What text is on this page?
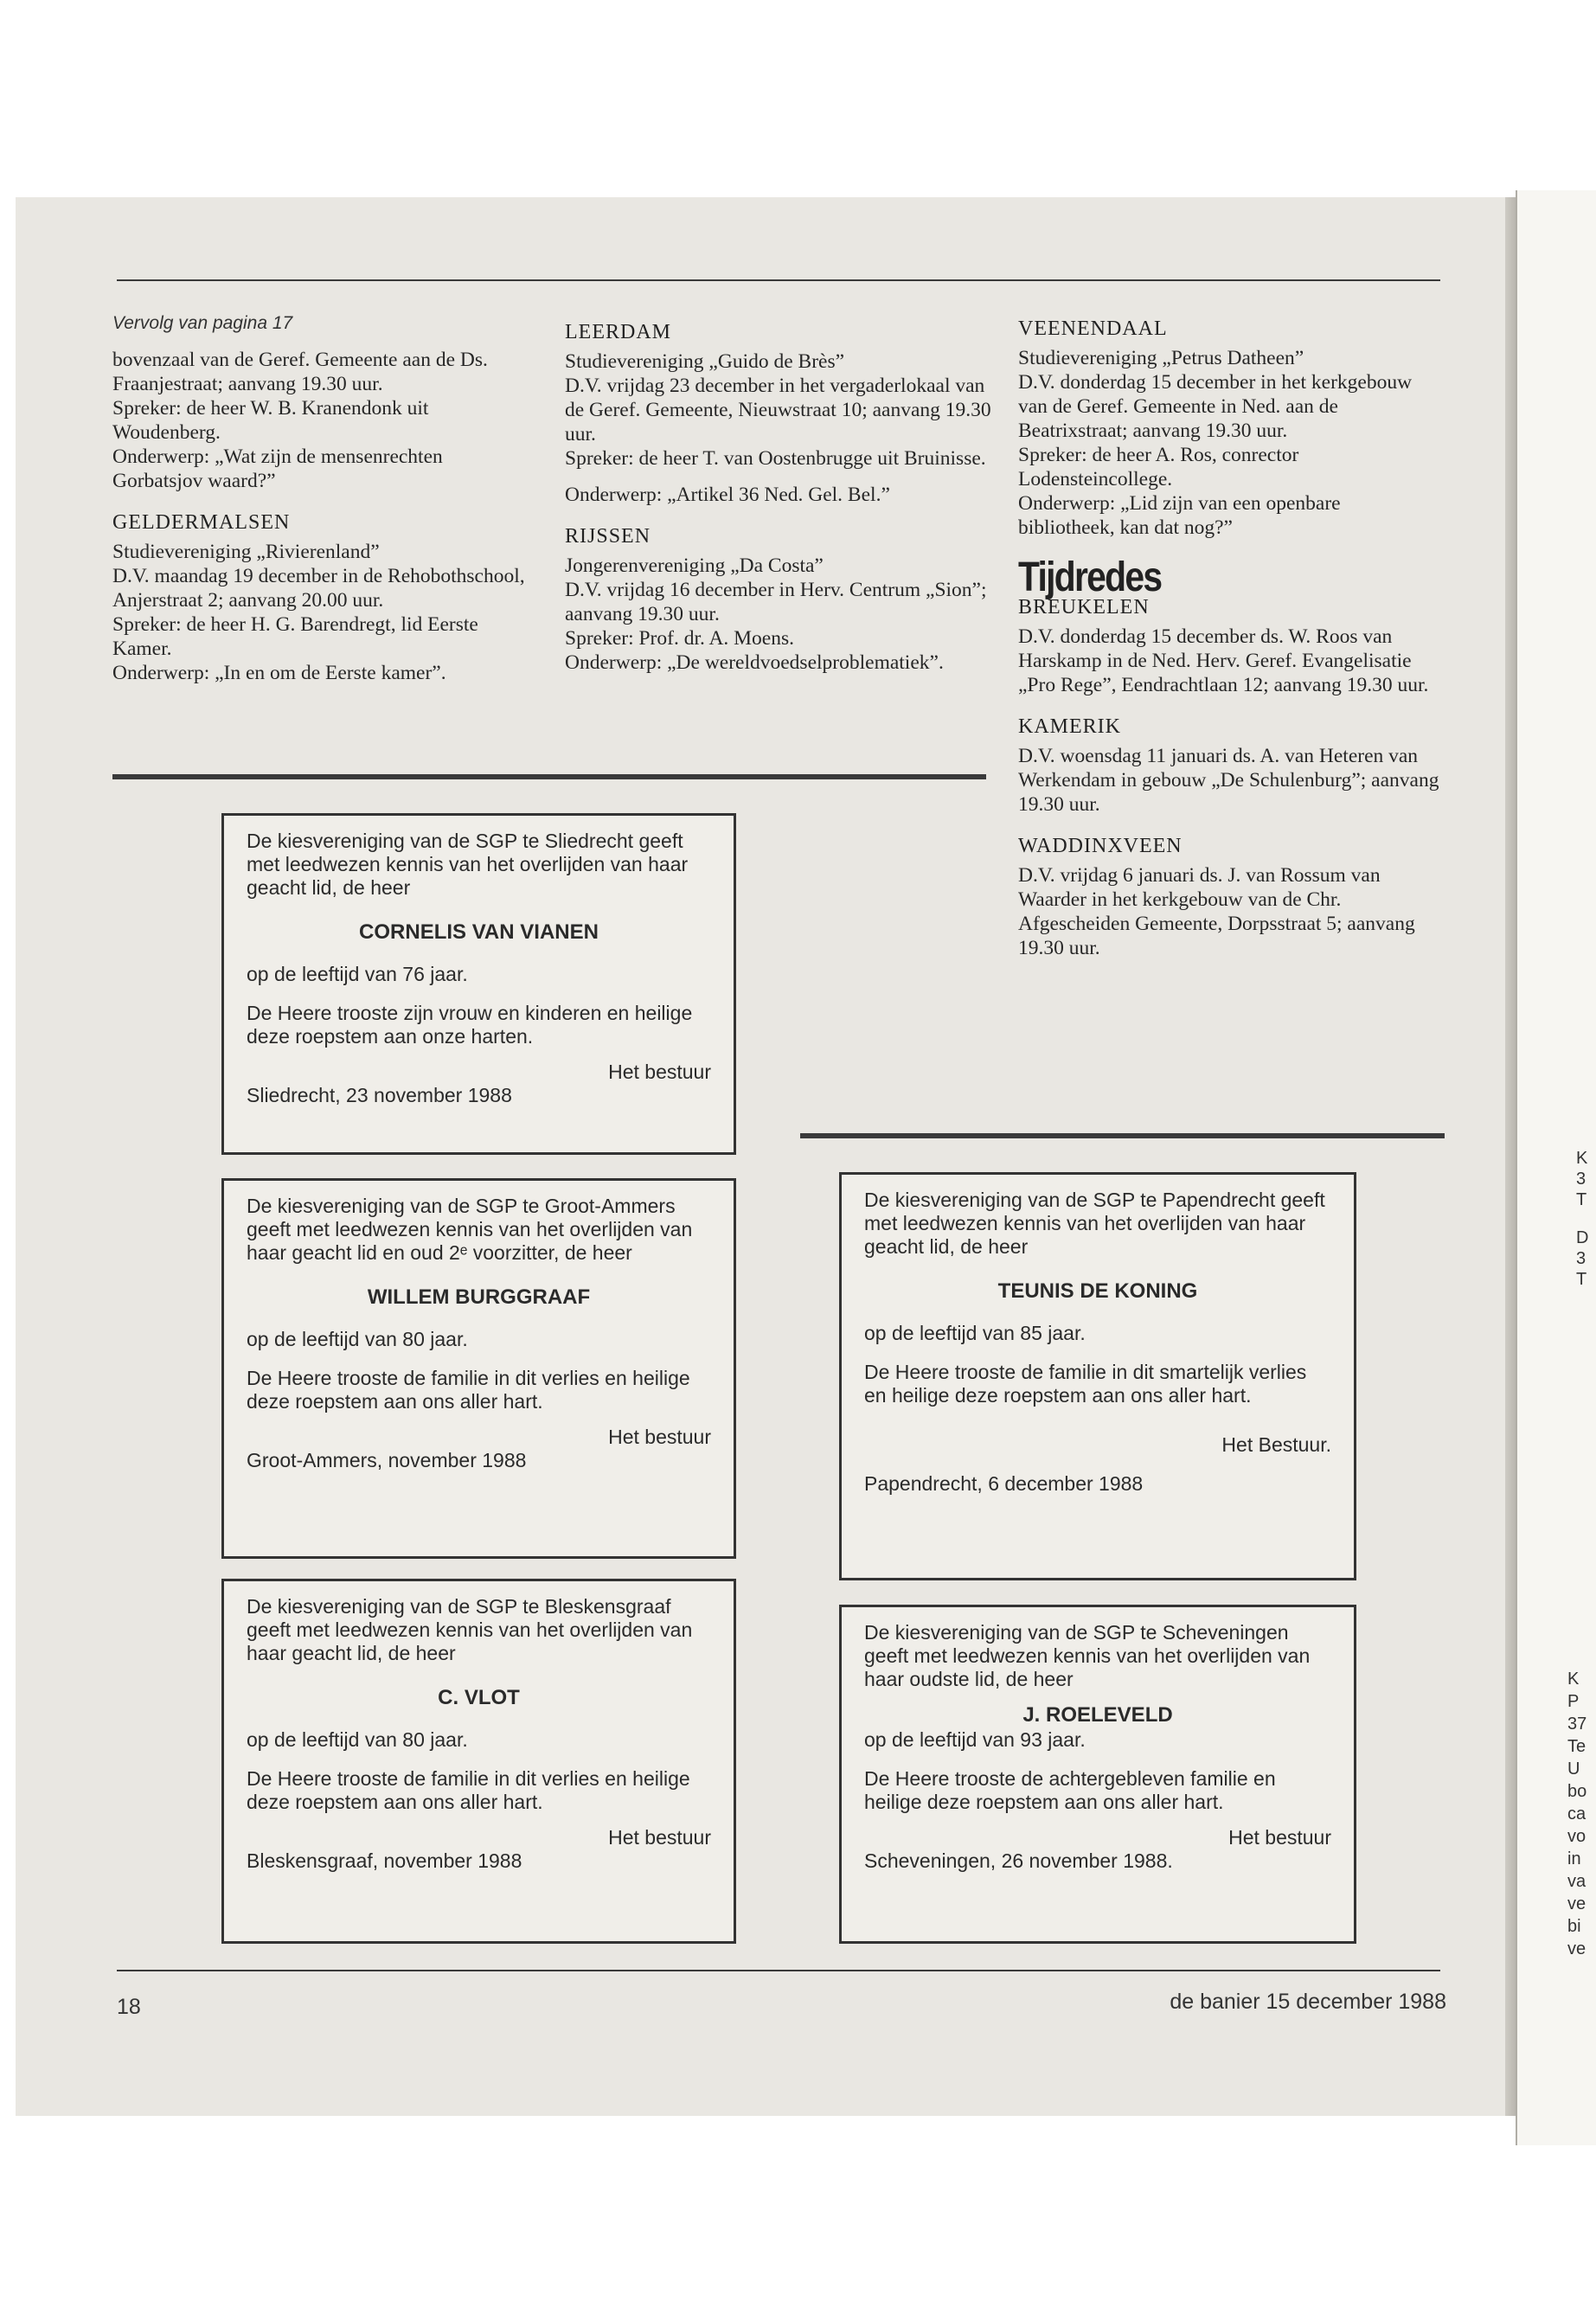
K
3
T
D
3
T
K
P
37
Te
U
bo
ca
vo
in
va
ve
bi
ve

Vervolg van pagina 17

bovenzaal van de Geref. Gemeente aan de Ds. Fraanjestraat; aanvang 19.30 uur.

Spreker: de heer W. B. Kranendonk uit Woudenberg.

Onderwerp: „Wat zijn de mensenrechten Gorbatsjov waard?”

GELDERMALSEN

Studievereniging „Rivierenland”

D.V. maandag 19 december in de Rehobothschool, Anjerstraat 2; aanvang 20.00 uur.

Spreker: de heer H. G. Barendregt, lid Eerste Kamer.

Onderwerp: „In en om de Eerste kamer”.

LEERDAM

Studievereniging „Guido de Brès”

D.V. vrijdag 23 december in het vergaderlokaal van de Geref. Gemeente, Nieuwstraat 10; aanvang 19.30 uur.

Spreker: de heer T. van Oostenbrugge uit Bruinisse.

Onderwerp: „Artikel 36 Ned. Gel. Bel.”

RIJSSEN

Jongerenvereniging „Da Costa”

D.V. vrijdag 16 december in Herv. Centrum „Sion”; aanvang 19.30 uur.

Spreker: Prof. dr. A. Moens.

Onderwerp: „De wereldvoedselproblematiek”.

VEENENDAAL

Studievereniging „Petrus Datheen”

D.V. donderdag 15 december in het kerkgebouw van de Geref. Gemeente in Ned. aan de Beatrixstraat; aanvang 19.30 uur.

Spreker: de heer A. Ros, conrector Lodensteincollege.

Onderwerp: „Lid zijn van een openbare bibliotheek, kan dat nog?”

Tijdredes

BREUKELEN

D.V. donderdag 15 december ds. W. Roos van Harskamp in de Ned. Herv. Geref. Evangelisatie „Pro Rege”, Eendrachtlaan 12; aanvang 19.30 uur.

KAMERIK

D.V. woensdag 11 januari ds. A. van Heteren van Werkendam in gebouw „De Schulenburg”; aanvang 19.30 uur.

WADDINXVEEN

D.V. vrijdag 6 januari ds. J. van Rossum van Waarder in het kerkgebouw van de Chr. Afgescheiden Gemeente, Dorpsstraat 5; aanvang 19.30 uur.

De kiesvereniging van de SGP te Sliedrecht geeft met leedwezen kennis van het overlijden van haar geacht lid, de heer

CORNELIS VAN VIANEN

op de leeftijd van 76 jaar.

De Heere trooste zijn vrouw en kinderen en heilige deze roepstem aan onze harten.

Het bestuur

Sliedrecht, 23 november 1988

De kiesvereniging van de SGP te Groot-Ammers geeft met leedwezen kennis van het overlijden van haar geacht lid en oud 2ᵉ voorzitter, de heer

WILLEM BURGGRAAF

op de leeftijd van 80 jaar.

De Heere trooste de familie in dit verlies en heilige deze roepstem aan ons aller hart.

Het bestuur

Groot-Ammers, november 1988

De kiesvereniging van de SGP te Bleskensgraaf geeft met leedwezen kennis van het overlijden van haar geacht lid, de heer

C. VLOT

op de leeftijd van 80 jaar.

De Heere trooste de familie in dit verlies en heilige deze roepstem aan ons aller hart.

Het bestuur

Bleskensgraaf, november 1988

De kiesvereniging van de SGP te Papendrecht geeft met leedwezen kennis van het overlijden van haar geacht lid, de heer

TEUNIS DE KONING

op de leeftijd van 85 jaar.

De Heere trooste de familie in dit smartelijk verlies en heilige deze roepstem aan ons aller hart.

Het Bestuur.

Papendrecht, 6 december 1988

De kiesvereniging van de SGP te Scheveningen geeft met leedwezen kennis van het overlijden van haar oudste lid, de heer

J. ROELEVELD

op de leeftijd van 93 jaar.

De Heere trooste de achtergebleven familie en heilige deze roepstem aan ons aller hart.

Het bestuur

Scheveningen, 26 november 1988.

18	de banier 15 december 1988
